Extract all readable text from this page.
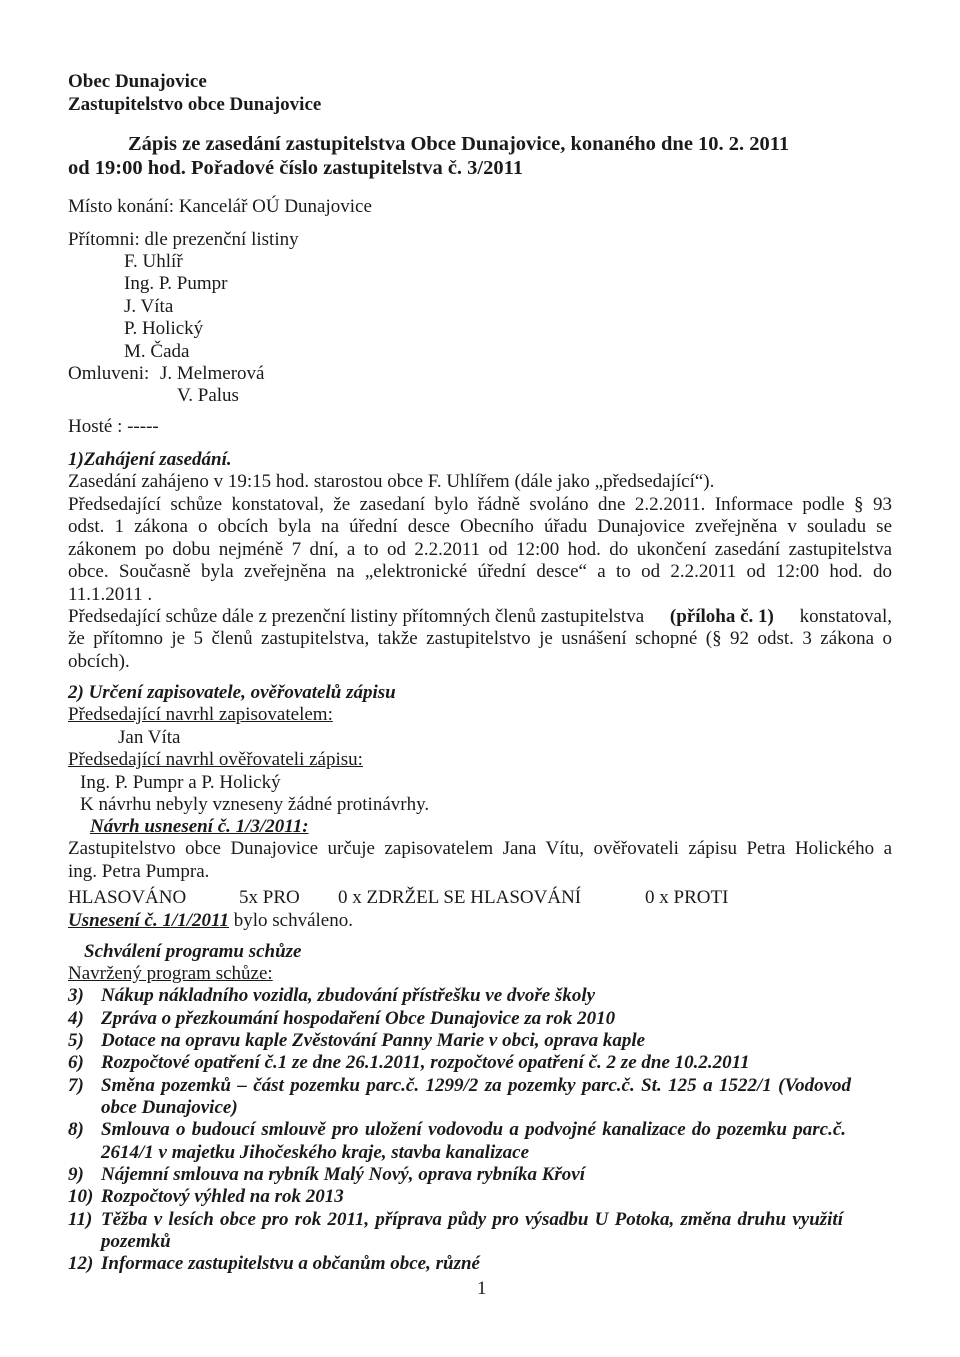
Obec Dunajovice
Zastupitelstvo obce Dunajovice
Zápis ze zasedání zastupitelstva Obce Dunajovice, konaného dne 10. 2. 2011
od 19:00 hod. Pořadové číslo zastupitelstva č. 3/2011
Místo konání: Kancelář OÚ Dunajovice
Přítomni: dle prezenční listiny
F. Uhlíř
Ing. P. Pumpr
J. Víta
P. Holický
M. Čada
Omluveni: J. Melmerová
V. Palus
Hosté : -----
1)Zahájení zasedání.
Zasedání zahájeno v 19:15 hod. starostou obce F. Uhlířem (dále jako „předsedající“).
Předsedající schůze konstatoval, že zasedaní bylo řádně svoláno dne 2.2.2011. Informace podle § 93
odst. 1 zákona o obcích byla na úřední desce Obecního úřadu Dunajovice zveřejněna v souladu se
zákonem po dobu nejméně 7 dní, a to od 2.2.2011 od 12:00 hod. do ukončení zasedání zastupitelstva
obce. Současně byla zveřejněna na „elektronické úřední desce“ a to od 2.2.2011 od 12:00 hod. do
11.1.2011 .
Předsedající schůze dále z prezenční listiny přítomných členů zastupitelstva (příloha č. 1) konstatoval,
že přítomno je 5 členů zastupitelstva, takže zastupitelstvo je usnášení schopné (§ 92 odst. 3 zákona o
obcích).
2) Určení zapisovatele, ověřovatelů zápisu
Předsedající navrhl zapisovatelem:
Jan Víta
Předsedající navrhl ověřovateli zápisu:
Ing. P. Pumpr a P. Holický
K návrhu nebyly vzneseny žádné protinávrhy.
Návrh usnesení č. 1/3/2011:
Zastupitelstvo obce Dunajovice určuje zapisovatelem Jana Vítu, ověřovateli zápisu Petra Holického a
ing. Petra Pumpra.
HLASOVÁNO	5x PRO 0 x ZDRŽEL SE HLASOVÁNÍ	0 x PROTI
Usnesení č. 1/1/2011 bylo schváleno.
Schválení programu schůze
Navržený program schůze:
3) Nákup nákladního vozidla, zbudování přístřešku ve dvoře školy
4) Zpráva o přezkoumání hospodaření Obce Dunajovice za rok 2010
5) Dotace na opravu kaple Zvěstování Panny Marie v obci, oprava kaple
6) Rozpočtové opatření č.1 ze dne 26.1.2011, rozpočtové opatření č. 2 ze dne 10.2.2011
7) Směna pozemků – část pozemku parc.č. 1299/2 za pozemky parc.č. St. 125 a 1522/1 (Vodovod
obce Dunajovice)
8) Smlouva o budoucí smlouvě pro uložení vodovodu a podvojné kanalizace do pozemku parc.č.
2614/1 v majetku Jihočeského kraje, stavba kanalizace
9) Nájemní smlouva na rybník Malý Nový, oprava rybníka Křoví
10) Rozpočtový výhled na rok 2013
11) Těžba v lesích obce pro rok 2011, příprava půdy pro výsadbu U Potoka, změna druhu využití
pozemků
12) Informace zastupitelstvu a občanům obce, různé
1
